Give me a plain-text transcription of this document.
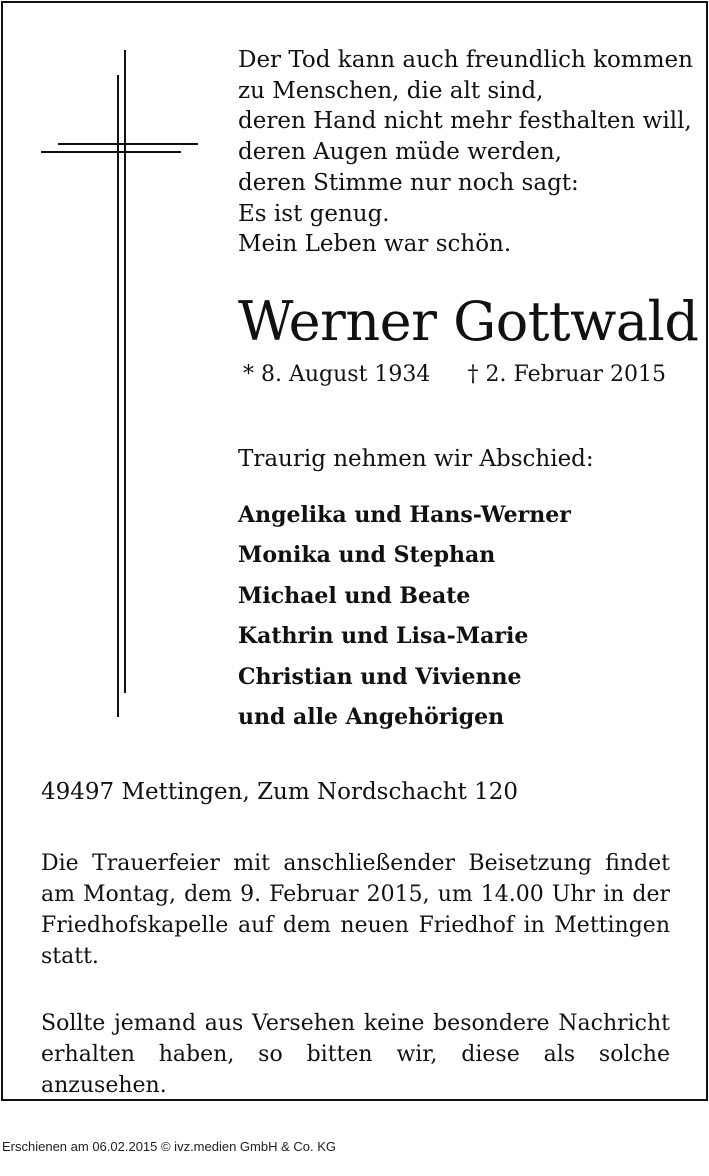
Der Tod kann auch freundlich kommen
zu Menschen, die alt sind,
deren Hand nicht mehr festhalten will,
deren Augen müde werden,
deren Stimme nur noch sagt:
Es ist genug.
Mein Leben war schön.
Werner Gottwald
* 8. August 1934 † 2. Februar 2015
Traurig nehmen wir Abschied:
Angelika und Hans-Werner
Monika und Stephan
Michael und Beate
Kathrin und Lisa-Marie
Christian und Vivienne
und alle Angehörigen
49497 Mettingen, Zum Nordschacht 120
Die Trauerfeier mit anschließender Beisetzung findet am Montag, dem 9. Februar 2015, um 14.00 Uhr in der Friedhofskapelle auf dem neuen Friedhof in Mettingen statt.
Sollte jemand aus Versehen keine besondere Nachricht erhalten haben, so bitten wir, diese als solche anzusehen.
Erschienen am 06.02.2015 © ivz.medien GmbH & Co. KG
